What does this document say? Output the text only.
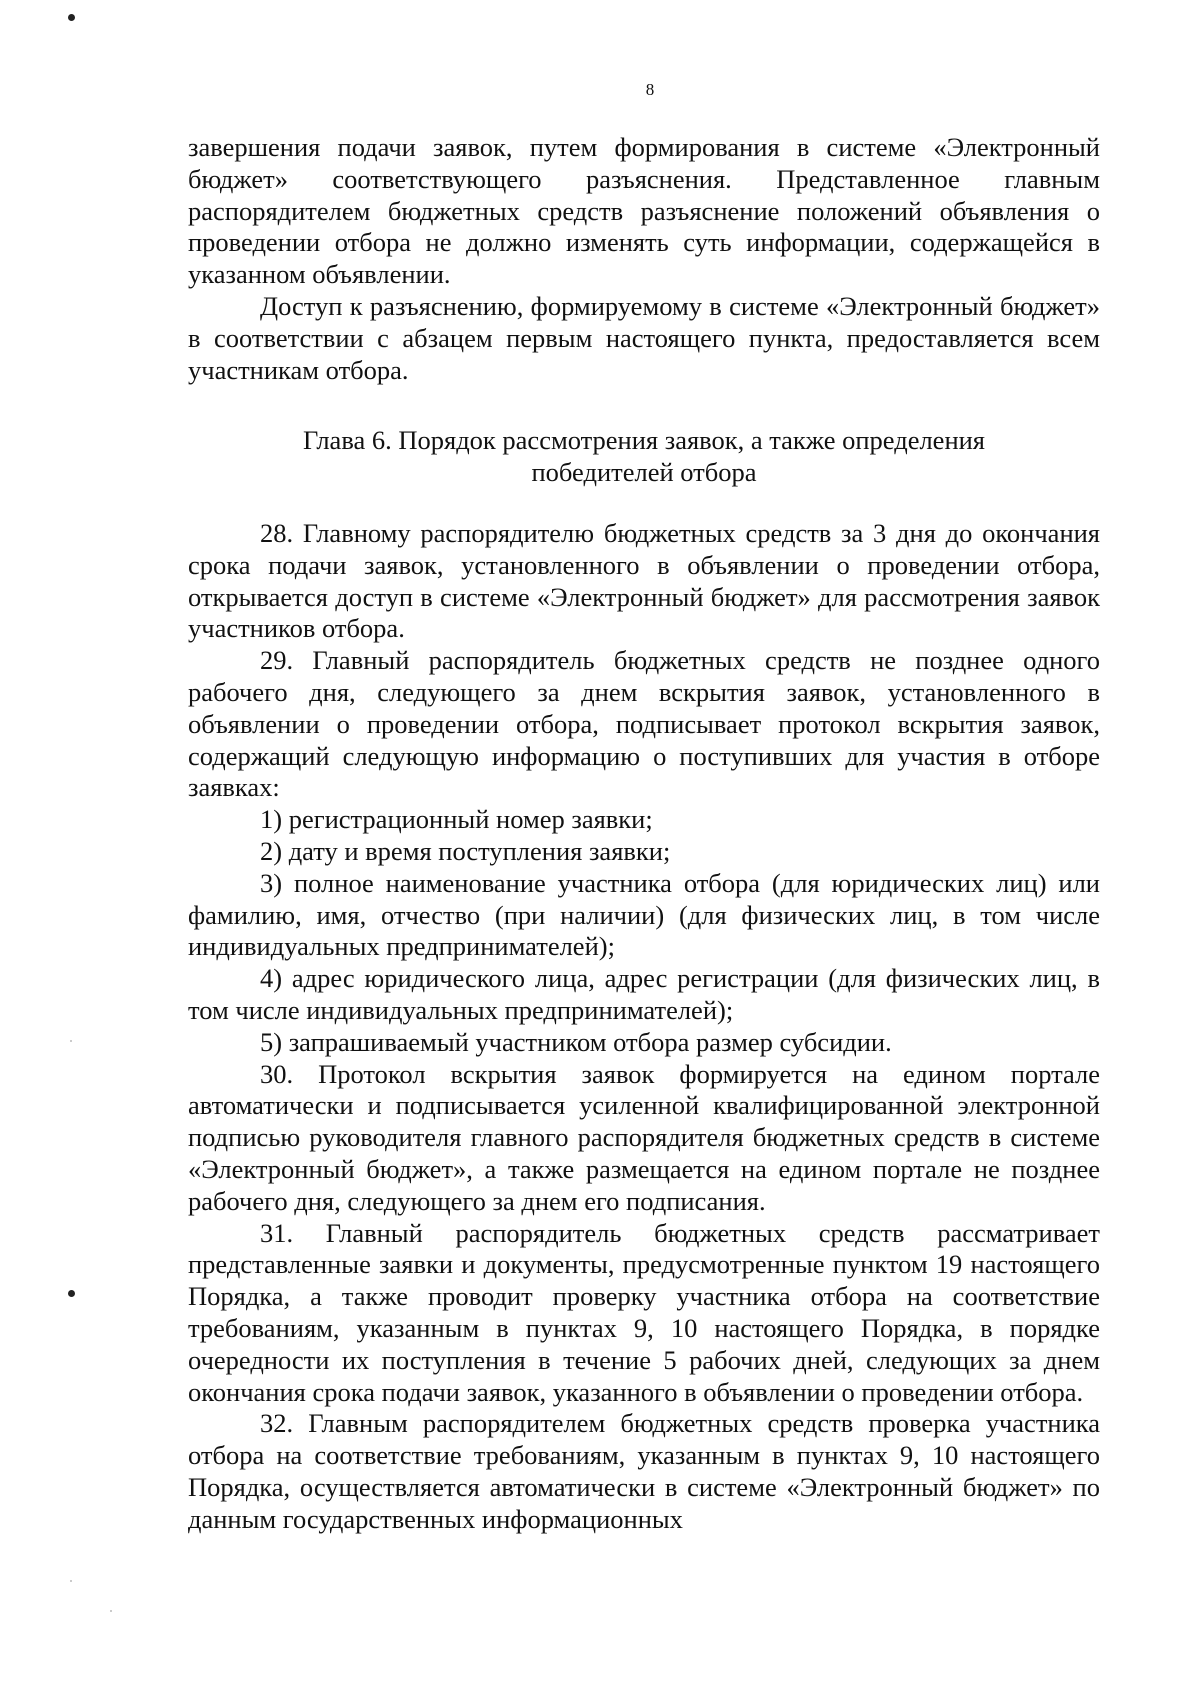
8

завершения подачи заявок, путем формирования в системе «Электронный бюджет» соответствующего разъяснения. Представленное главным распорядителем бюджетных средств разъяснение положений объявления о проведении отбора не должно изменять суть информации, содержащейся в указанном объявлении.

Доступ к разъяснению, формируемому в системе «Электронный бюджет» в соответствии с абзацем первым настоящего пункта, предоставляется всем участникам отбора.

Глава 6. Порядок рассмотрения заявок, а также определения
победителей отбора

28. Главному распорядителю бюджетных средств за 3 дня до окончания срока подачи заявок, установленного в объявлении о проведении отбора, открывается доступ в системе «Электронный бюджет» для рассмотрения заявок участников отбора.

29. Главный распорядитель бюджетных средств не позднее одного рабочего дня, следующего за днем вскрытия заявок, установленного в объявлении о проведении отбора, подписывает протокол вскрытия заявок, содержащий следующую информацию о поступивших для участия в отборе заявках:

1) регистрационный номер заявки;

2) дату и время поступления заявки;

3) полное наименование участника отбора (для юридических лиц) или фамилию, имя, отчество (при наличии) (для физических лиц, в том числе индивидуальных предпринимателей);

4) адрес юридического лица, адрес регистрации (для физических лиц, в том числе индивидуальных предпринимателей);

5) запрашиваемый участником отбора размер субсидии.

30. Протокол вскрытия заявок формируется на едином портале автоматически и подписывается усиленной квалифицированной электронной подписью руководителя главного распорядителя бюджетных средств в системе «Электронный бюджет», а также размещается на едином портале не позднее рабочего дня, следующего за днем его подписания.

31. Главный распорядитель бюджетных средств рассматривает представленные заявки и документы, предусмотренные пунктом 19 настоящего Порядка, а также проводит проверку участника отбора на соответствие требованиям, указанным в пунктах 9, 10 настоящего Порядка, в порядке очередности их поступления в течение 5 рабочих дней, следующих за днем окончания срока подачи заявок, указанного в объявлении о проведении отбора.

32. Главным распорядителем бюджетных средств проверка участника отбора на соответствие требованиям, указанным в пунктах 9, 10 настоящего Порядка, осуществляется автоматически в системе «Электронный бюджет» по данным государственных информационных
